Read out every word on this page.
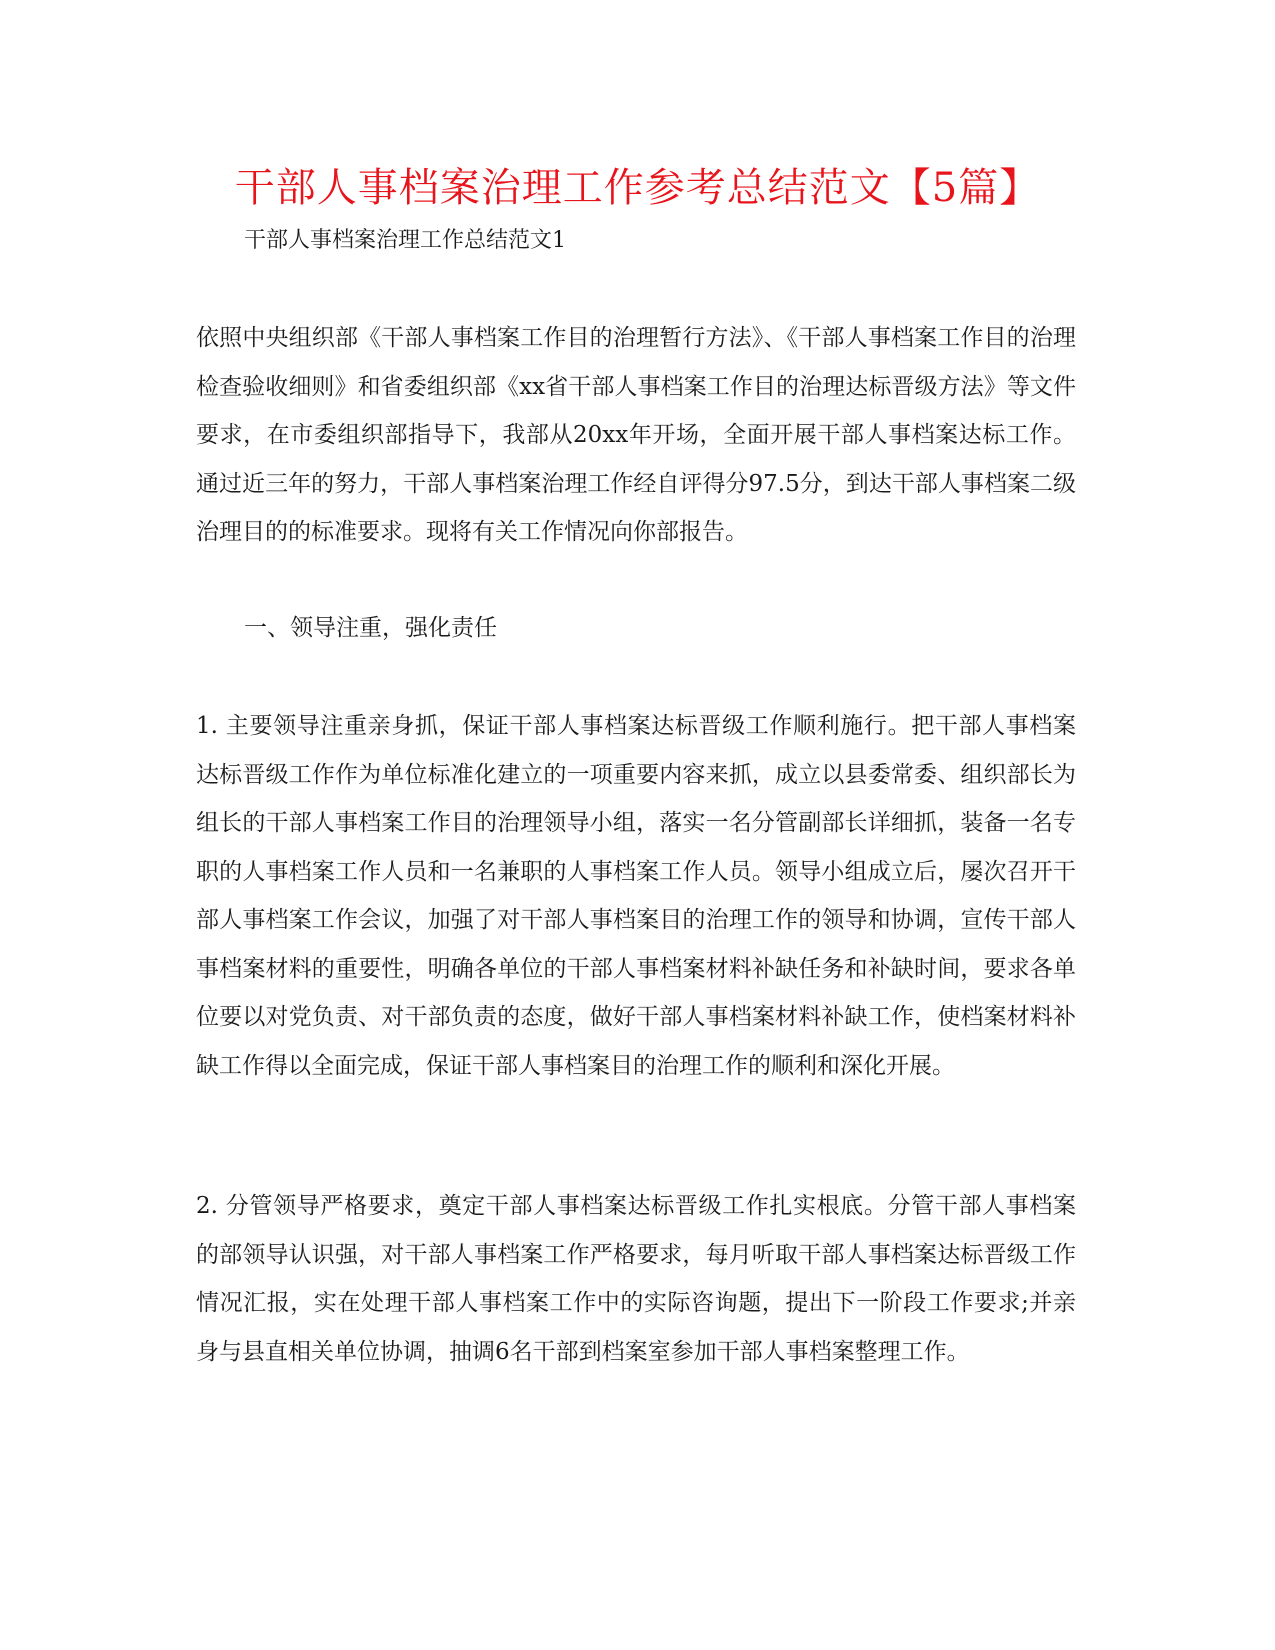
干部人事档案治理工作参考总结范文【5篇】
干部人事档案治理工作总结范文1
依照中央组织部《干部人事档案工作目的治理暂行方法》、《干部人事档案工作目的治理检查验收细则》和省委组织部《xx省干部人事档案工作目的治理达标晋级方法》等文件要求，在市委组织部指导下，我部从20xx年开场，全面开展干部人事档案达标工作。通过近三年的努力，干部人事档案治理工作经自评得分97.5分，到达干部人事档案二级治理目的的标准要求。现将有关工作情况向你部报告。
一、领导注重，强化责任
1. 主要领导注重亲身抓，保证干部人事档案达标晋级工作顺利施行。把干部人事档案达标晋级工作作为单位标准化建立的一项重要内容来抓，成立以县委常委、组织部长为组长的干部人事档案工作目的治理领导小组，落实一名分管副部长详细抓，装备一名专职的人事档案工作人员和一名兼职的人事档案工作人员。领导小组成立后，屡次召开干部人事档案工作会议，加强了对干部人事档案目的治理工作的领导和协调，宣传干部人事档案材料的重要性，明确各单位的干部人事档案材料补缺任务和补缺时间，要求各单位要以对党负责、对干部负责的态度，做好干部人事档案材料补缺工作，使档案材料补缺工作得以全面完成，保证干部人事档案目的治理工作的顺利和深化开展。
2. 分管领导严格要求，奠定干部人事档案达标晋级工作扎实根底。分管干部人事档案的部领导认识强，对干部人事档案工作严格要求，每月听取干部人事档案达标晋级工作情况汇报，实在处理干部人事档案工作中的实际咨询题，提出下一阶段工作要求;并亲身与县直相关单位协调，抽调6名干部到档案室参加干部人事档案整理工作。
